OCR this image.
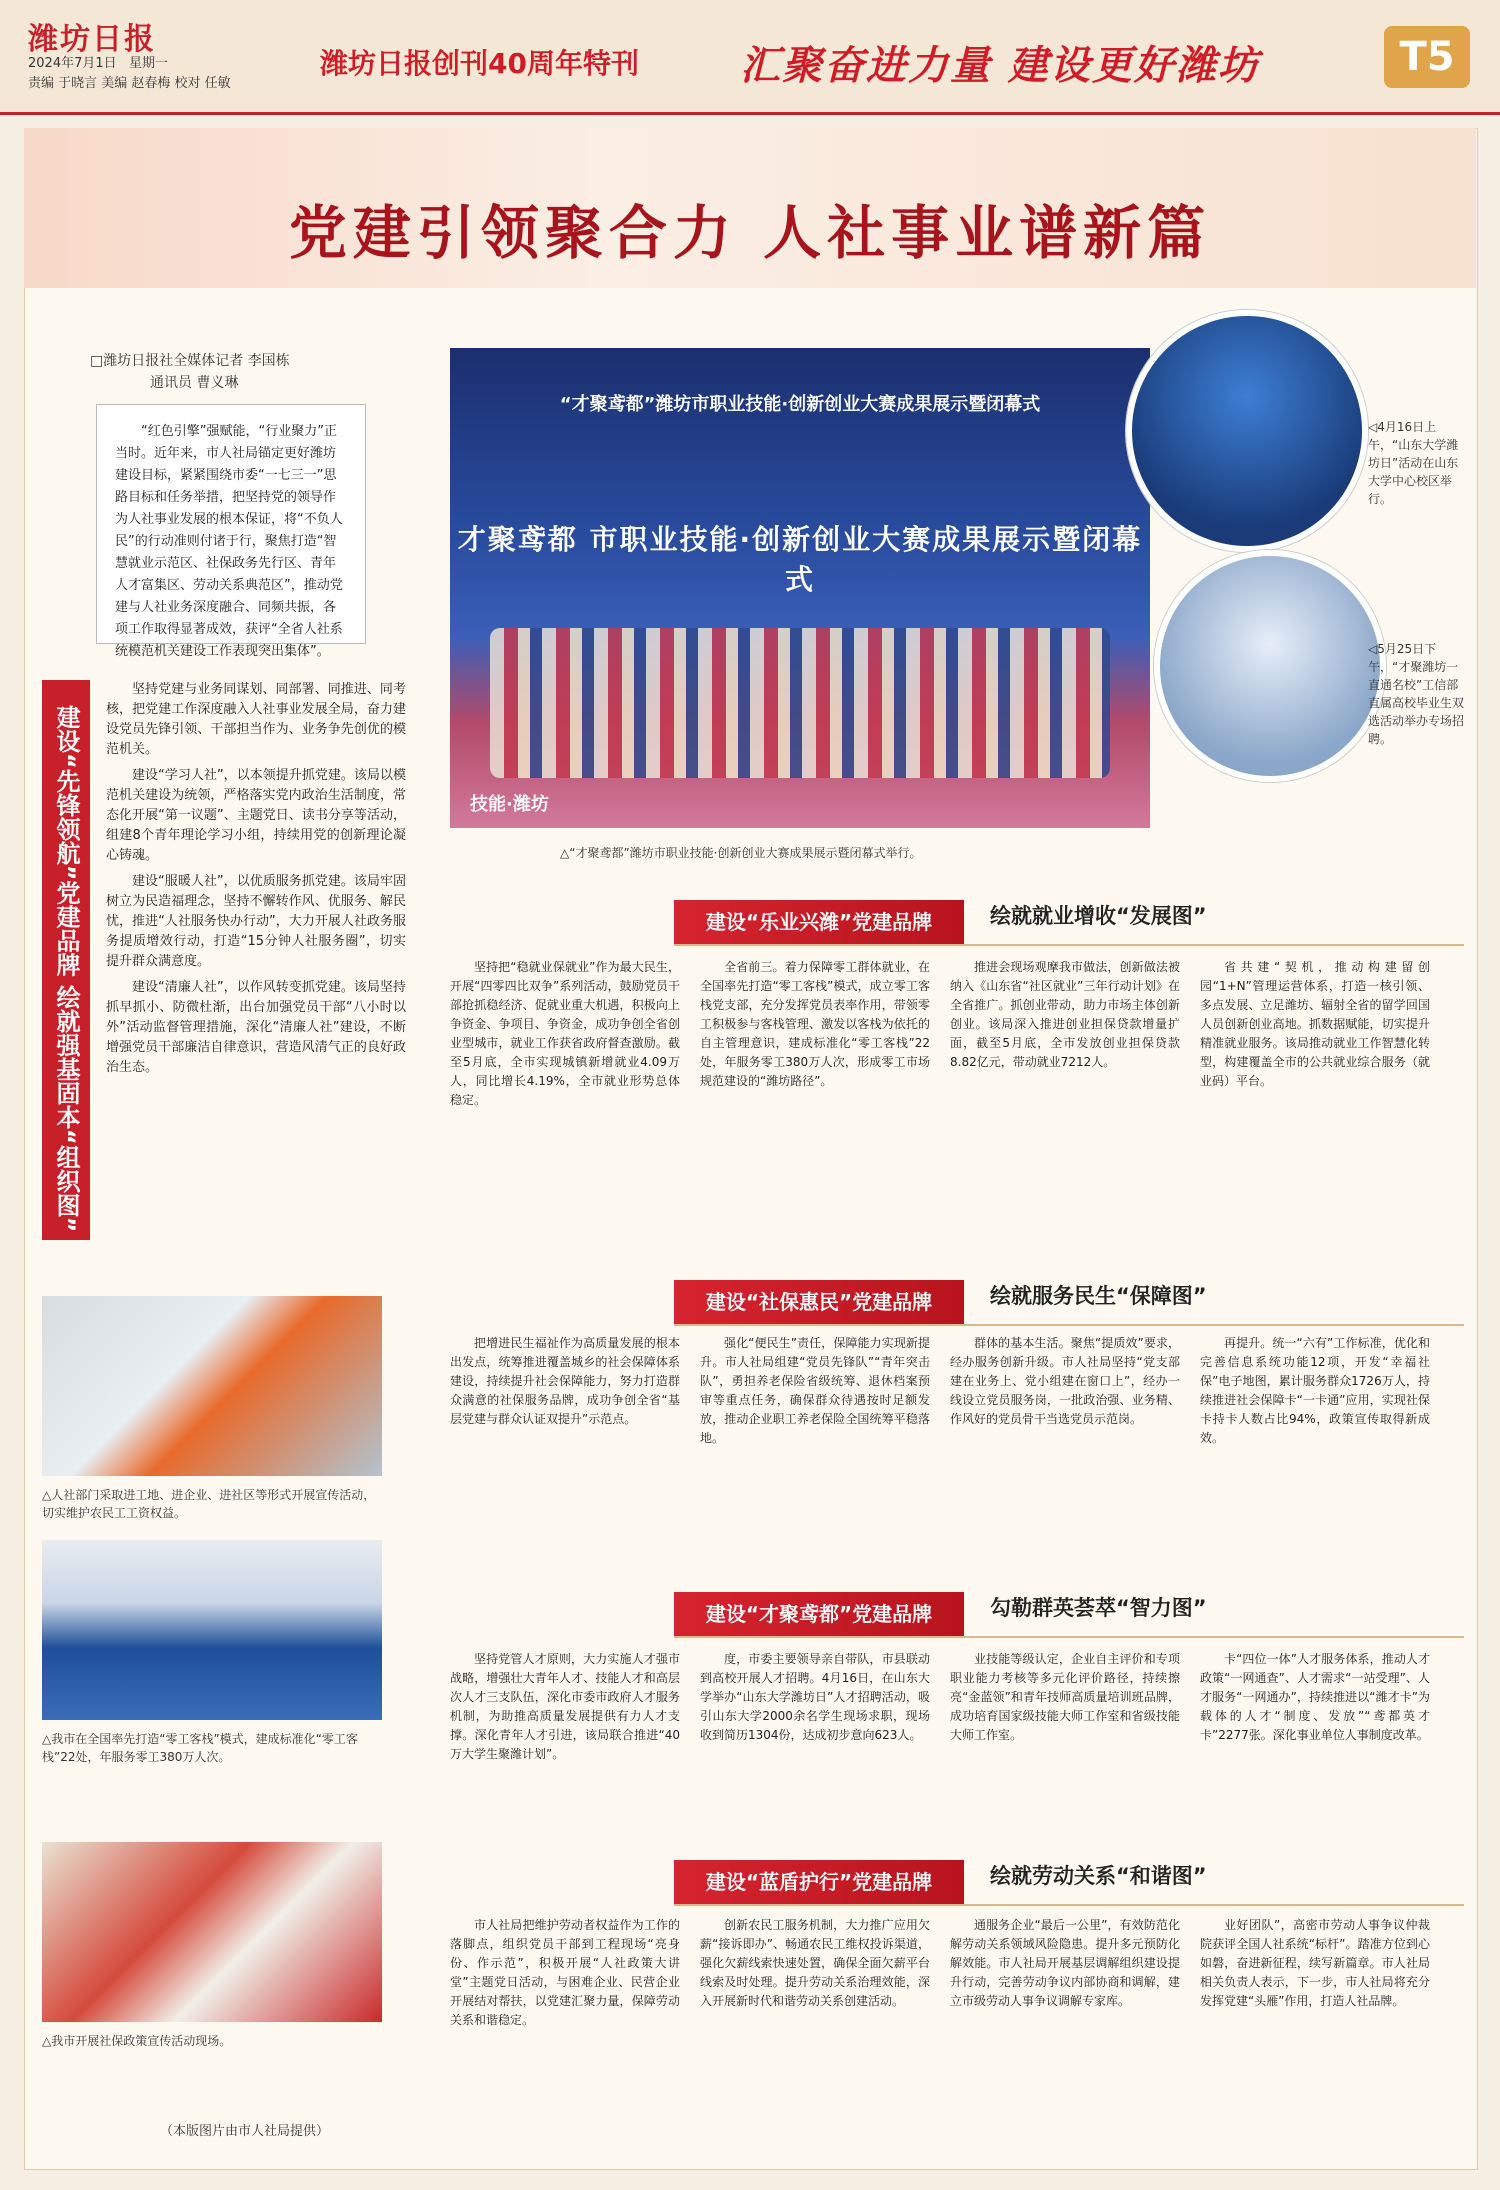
潍坊日报
2024年7月1日 星期一
责编 于晓言 美编 赵春梅 校对 任敏
潍坊日报创刊40周年特刊	汇聚奋进力量 建设更好潍坊	T5
党建引领聚合力 人社事业谱新篇
□潍坊日报社全媒体记者 李国栋
通讯员 曹义琳
“红色引擎”强赋能，“行业聚力”正当时。近年来，市人社局锚定更好潍坊建设目标，紧紧围绕市委“一七三一”思路目标和任务举措，把坚持党的领导作为人社事业发展的根本保证，将“不负人民”的行动准则付诸于行，聚焦打造“智慧就业示范区、社保政务先行区、青年人才富集区、劳动关系典范区”，推动党建与人社业务深度融合、同频共振，各项工作取得显著成效，获评“全省人社系统模范机关建设工作表现突出集体”。
“才聚鸢都”潍坊市职业技能·创新创业大赛成果展示暨闭幕式
才聚鸢都 市职业技能·创新创业大赛成果展示暨闭幕式
技能·潍坊
△“才聚鸢都”潍坊市职业技能·创新创业大赛成果展示暨闭幕式举行。
◁4月16日上午，“山东大学潍坊日”活动在山东大学中心校区举行。
◁5月25日下午，“才聚潍坊一直通名校”工信部直属高校毕业生双选活动举办专场招聘。
建设“先锋领航”党建品牌 绘就强基固本“组织图”

坚持党建与业务同谋划、同部署、同推进、同考核，把党建工作深度融入人社事业发展全局，奋力建设党员先锋引领、干部担当作为、业务争先创优的模范机关。

建设“学习人社”，以本领提升抓党建。该局以模范机关建设为统领，严格落实党内政治生活制度，常态化开展“第一议题”、主题党日、读书分享等活动，组建8个青年理论学习小组，持续用党的创新理论凝心铸魂。

建设“服暖人社”，以优质服务抓党建。该局牢固树立为民造福理念，坚持不懈转作风、优服务、解民忧，推进“人社服务快办行动”，大力开展人社政务服务提质增效行动，打造“15分钟人社服务圈”，切实提升群众满意度。

建设“清廉人社”，以作风转变抓党建。该局坚持抓早抓小、防微杜渐，出台加强党员干部“八小时以外”活动监督管理措施，深化“清廉人社”建设，不断增强党员干部廉洁自律意识，营造风清气正的良好政治生态。

△人社部门采取进工地、进企业、进社区等形式开展宣传活动，切实维护农民工工资权益。
△我市在全国率先打造“零工客栈”模式，建成标准化“零工客栈”22处，年服务零工380万人次。
△我市开展社保政策宣传活动现场。
（本版图片由市人社局提供）
建设“乐业兴潍”党建品牌	绘就就业增收“发展图”
坚持把“稳就业保就业”作为最大民生，开展“四零四比双争”系列活动，鼓励党员干部抢抓稳经济、促就业重大机遇，积极向上争资金、争项目、争资金，成功争创全省创业型城市，就业工作获省政府督查激励。截至5月底，全市实现城镇新增就业4.09万人，同比增长4.19%，全市就业形势总体稳定。
全省前三。着力保障零工群体就业，在全国率先打造“零工客栈”模式，成立零工客栈党支部，充分发挥党员表率作用，带领零工积极参与客栈管理、激发以客栈为依托的自主管理意识，建成标准化“零工客栈”22处，年服务零工380万人次，形成零工市场规范建设的“潍坊路径”。
推进会现场观摩我市做法，创新做法被纳入《山东省“社区就业”三年行动计划》在全省推广。抓创业带动，助力市场主体创新创业。该局深入推进创业担保贷款增量扩面，截至5月底，全市发放创业担保贷款8.82亿元，带动就业7212人。
省共建“契机，推动构建留创园“1+N”管理运营体系，打造一核引领、多点发展、立足潍坊、辐射全省的留学回国人员创新创业高地。抓数据赋能，切实提升精准就业服务。该局推动就业工作智慧化转型，构建覆盖全市的公共就业综合服务（就业码）平台。
建设“社保惠民”党建品牌	绘就服务民生“保障图”
把增进民生福祉作为高质量发展的根本出发点，统筹推进覆盖城乡的社会保障体系建设，持续提升社会保障能力，努力打造群众满意的社保服务品牌，成功争创全省“基层党建与群众认证双提升”示范点。
强化“便民生”责任，保障能力实现新提升。市人社局组建“党员先锋队”“青年突击队”，勇担养老保险省级统筹、退休档案预审等重点任务，确保群众待遇按时足额发放，推动企业职工养老保险全国统筹平稳落地。
群体的基本生活。聚焦“提质效”要求，经办服务创新升级。市人社局坚持“党支部建在业务上、党小组建在窗口上”，经办一线设立党员服务岗，一批政治强、业务精、作风好的党员骨干当选党员示范岗。
再提升。统一“六有”工作标准，优化和完善信息系统功能12项，开发“幸福社保”电子地图，累计服务群众1726万人，持续推进社会保障卡“一卡通”应用，实现社保卡持卡人数占比94%，政策宣传取得新成效。
建设“才聚鸢都”党建品牌	勾勒群英荟萃“智力图”
坚持党管人才原则，大力实施人才强市战略，增强壮大青年人才、技能人才和高层次人才三支队伍，深化市委市政府人才服务机制，为助推高质量发展提供有力人才支撑。深化青年人才引进，该局联合推进“40万大学生聚潍计划”。
度，市委主要领导亲自带队，市县联动到高校开展人才招聘。4月16日，在山东大学举办“山东大学潍坊日”人才招聘活动，吸引山东大学2000余名学生现场求职，现场收到简历1304份，达成初步意向623人。
业技能等级认定，企业自主评价和专项职业能力考核等多元化评价路径，持续擦亮“金蓝领”和青年技师高质量培训班品牌，成功培育国家级技能大师工作室和省级技能大师工作室。
卡“四位一体”人才服务体系，推动人才政策“一网通查”、人才需求“一站受理”、人才服务“一网通办”，持续推进以“潍才卡”为载体的人才“制度、发放”“鸢都英才卡”2277张。深化事业单位人事制度改革。
建设“蓝盾护行”党建品牌	绘就劳动关系“和谐图”
市人社局把维护劳动者权益作为工作的落脚点，组织党员干部到工程现场“亮身份、作示范”，积极开展“人社政策大讲堂”主题党日活动，与困难企业、民营企业开展结对帮扶，以党建汇聚力量，保障劳动关系和谐稳定。
创新农民工服务机制，大力推广应用欠薪“接诉即办”、畅通农民工维权投诉渠道，强化欠薪线索快速处置，确保全面欠薪平台线索及时处理。提升劳动关系治理效能，深入开展新时代和谐劳动关系创建活动。
通服务企业“最后一公里”，有效防范化解劳动关系领域风险隐患。提升多元预防化解效能。市人社局开展基层调解组织建设提升行动，完善劳动争议内部协商和调解，建立市级劳动人事争议调解专家库。
业好团队”，高密市劳动人事争议仲裁院获评全国人社系统“标杆”。踏准方位到心如磐，奋进新征程，续写新篇章。市人社局相关负责人表示，下一步，市人社局将充分发挥党建“头雁”作用，打造人社品牌。
